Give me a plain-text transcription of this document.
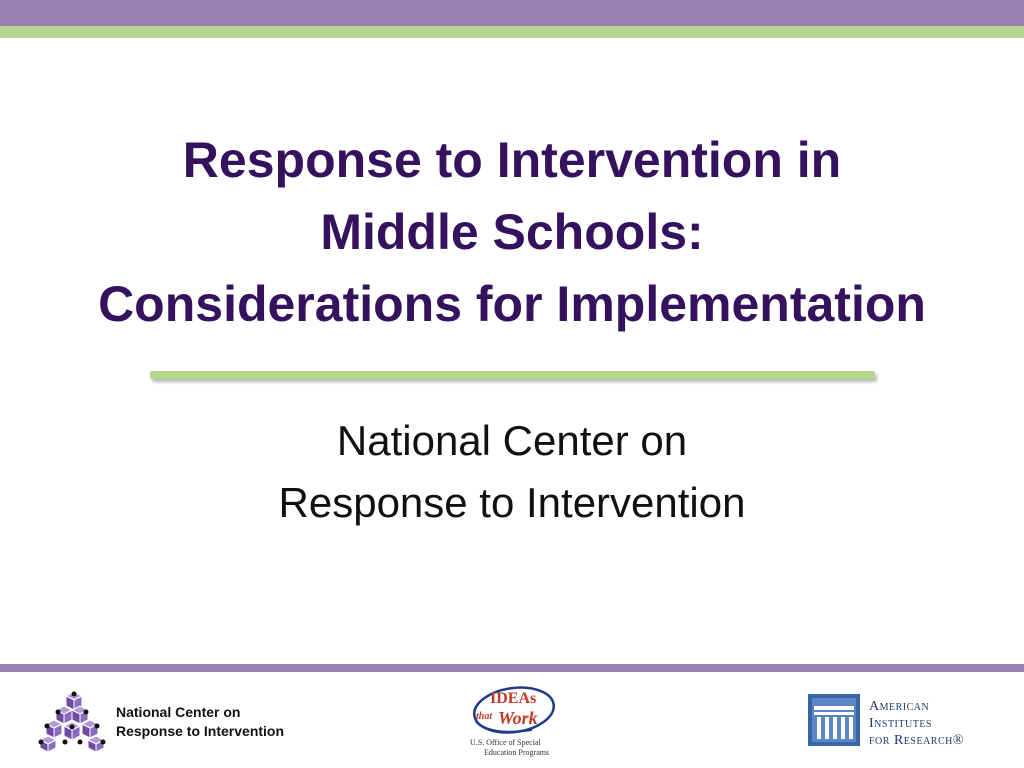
Response to Intervention in
Middle Schools:
Considerations for Implementation
National Center on
Response to Intervention
National Center on
Response to Intervention
IDEAs
that Work
U.S. Office of Special
Education Programs
American
Institutes
for Research®
